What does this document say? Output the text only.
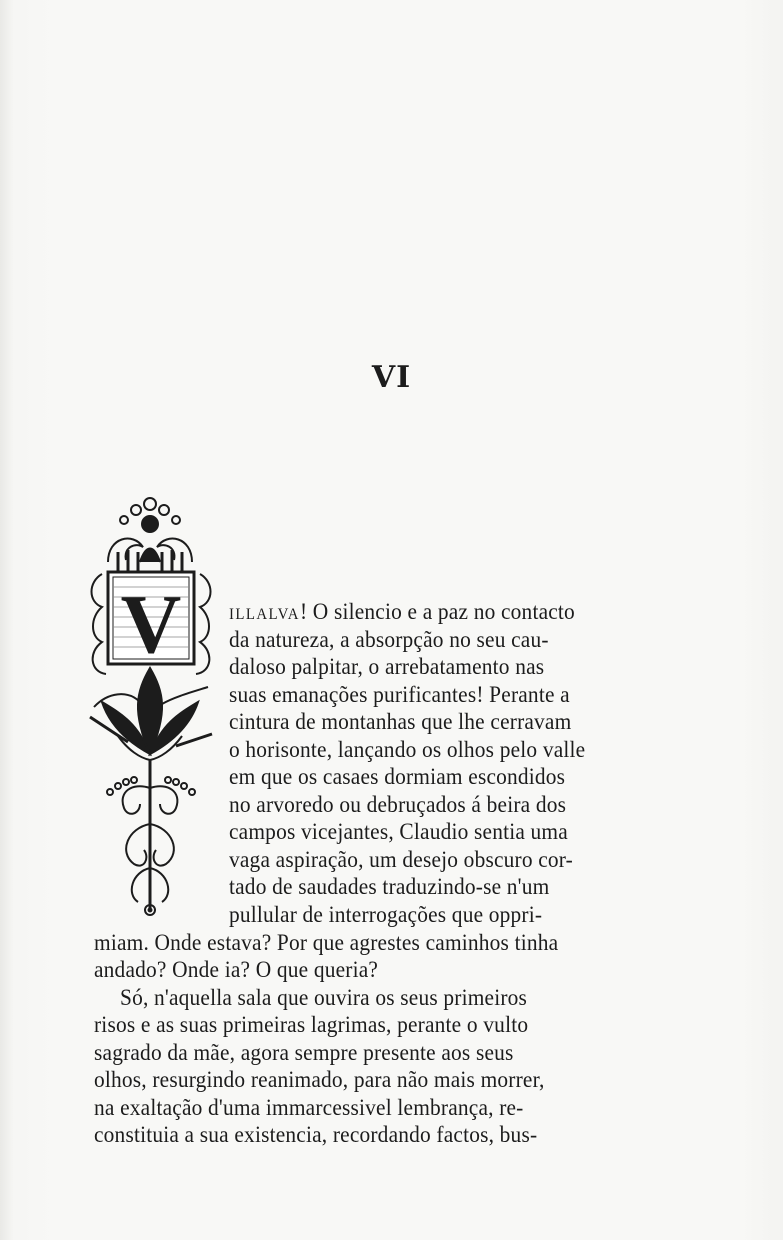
VI
V illalva! O silencio e a paz no contacto
da natureza, a absorpção no seu cau-
daloso palpitar, o arrebatamento nas
suas emanações purificantes! Perante a
cintura de montanhas que lhe cerravam
o horisonte, lançando os olhos pelo valle
em que os casaes dormiam escondidos
no arvoredo ou debruçados á beira dos
campos vicejantes, Claudio sentia uma
vaga aspiração, um desejo obscuro cor-
tado de saudades traduzindo-se n'um
pullular de interrogações que oppri-
miam. Onde estava? Por que agrestes caminhos tinha
andado? Onde ia? O que queria?
Só, n'aquella sala que ouvira os seus primeiros
risos e as suas primeiras lagrimas, perante o vulto
sagrado da mãe, agora sempre presente aos seus
olhos, resurgindo reanimado, para não mais morrer,
na exaltação d'uma immarcessivel lembrança, re-
constituia a sua existencia, recordando factos, bus-
